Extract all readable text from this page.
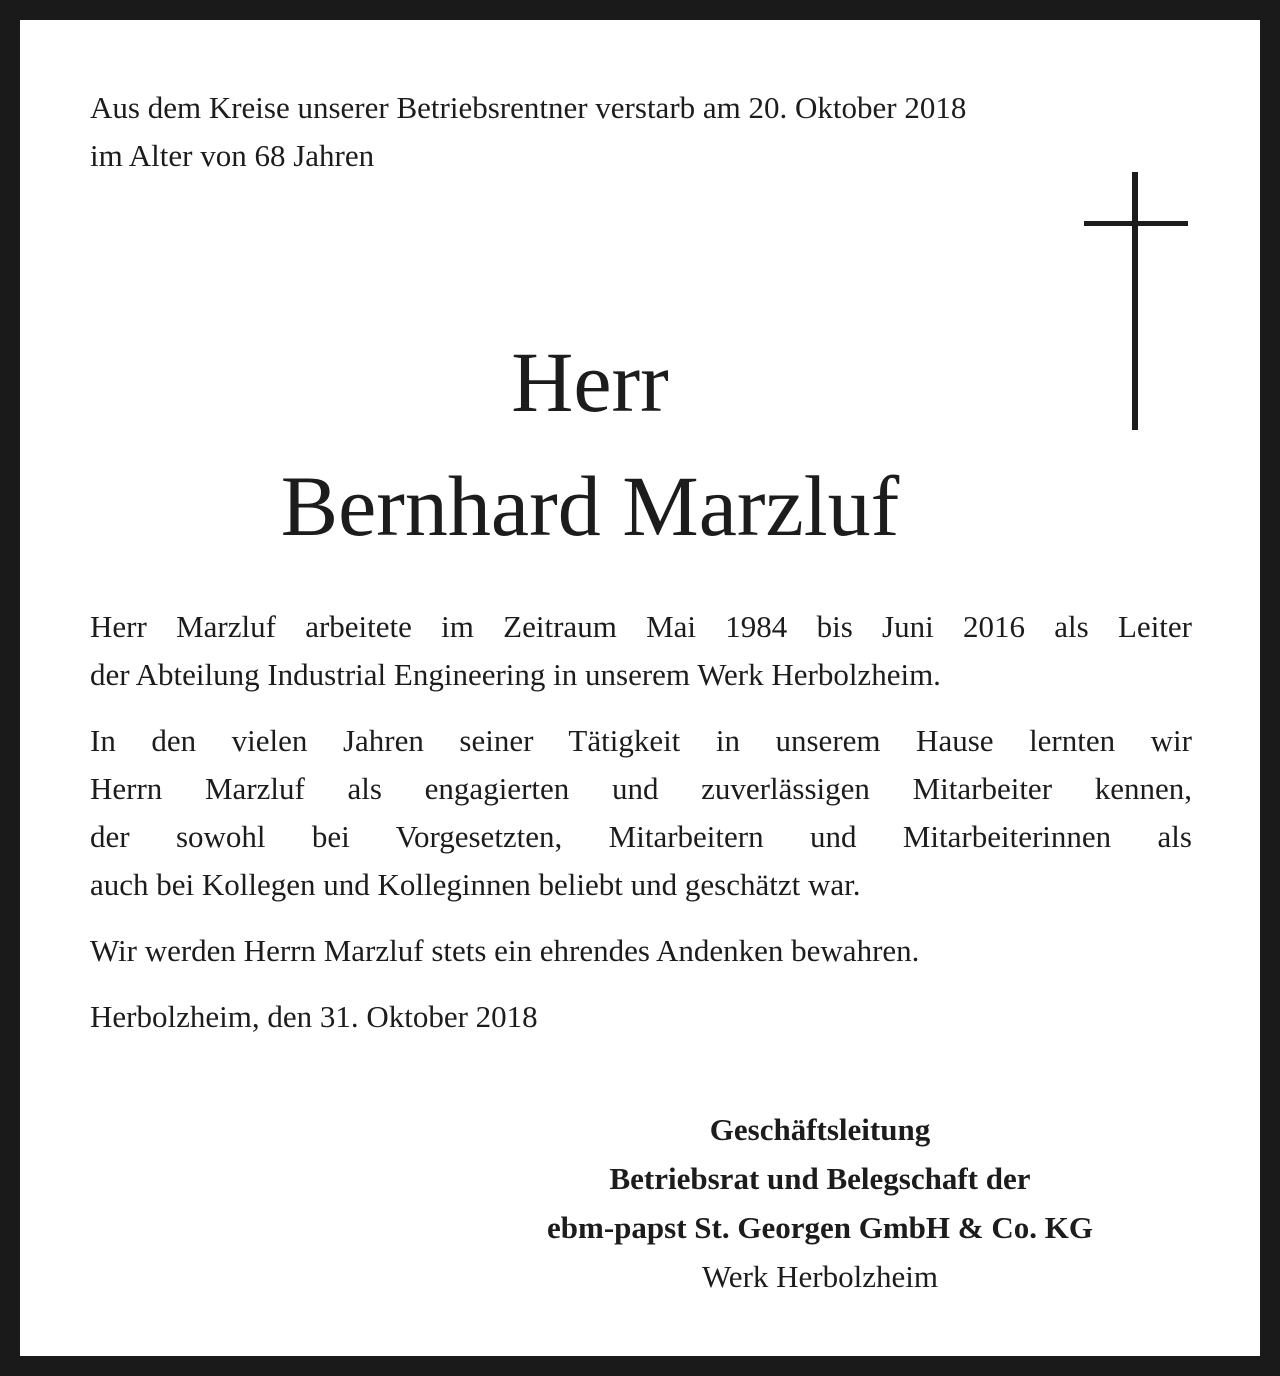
Aus dem Kreise unserer Betriebsrentner verstarb am 20. Oktober 2018
im Alter von 68 Jahren
Herr
Bernhard Marzluf

Herr Marzluf arbeitete im Zeitraum Mai 1984 bis Juni 2016 als Leiter
der Abteilung Industrial Engineering in unserem Werk Herbolzheim.

In den vielen Jahren seiner Tätigkeit in unserem Hause lernten wir
Herrn Marzluf als engagierten und zuverlässigen Mitarbeiter kennen,
der sowohl bei Vorgesetzten, Mitarbeitern und Mitarbeiterinnen als
auch bei Kollegen und Kolleginnen beliebt und geschätzt war.

Wir werden Herrn Marzluf stets ein ehrendes Andenken bewahren.

Herbolzheim, den 31. Oktober 2018

Geschäftsleitung
Betriebsrat und Belegschaft der
ebm-papst St. Georgen GmbH & Co. KG
Werk Herbolzheim
